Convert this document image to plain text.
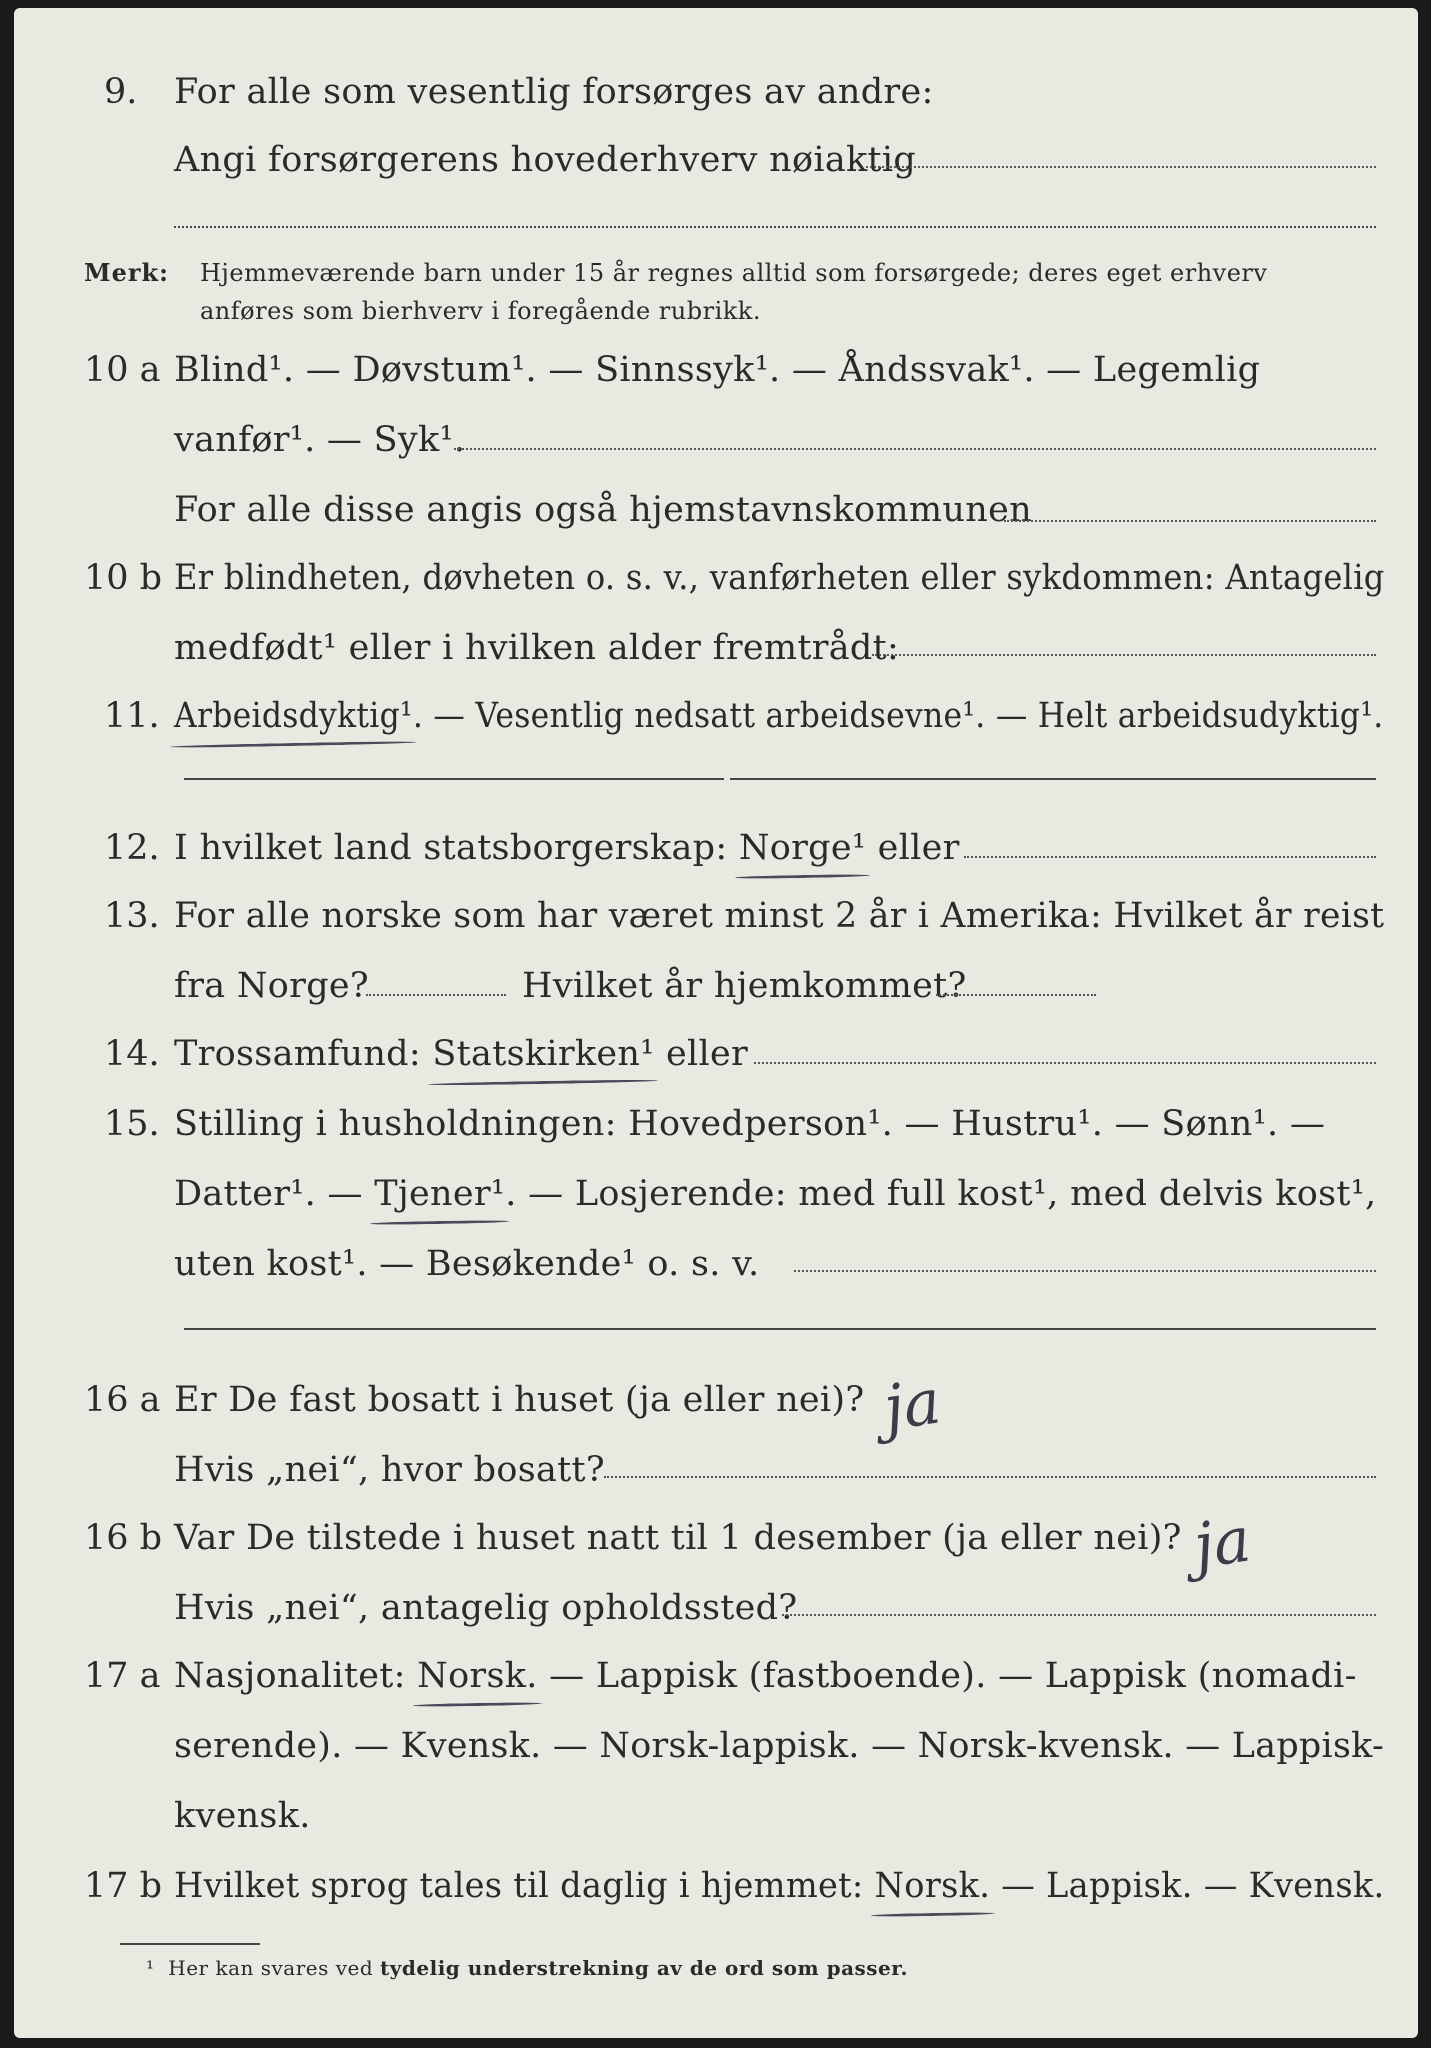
9. For alle som vesentlig forsørges av andre:
Angi forsørgerens hovederhverv nøiaktig
Merk: Hjemmeværende barn under 15 år regnes alltid som forsørgede; deres eget erhverv
anføres som bierhverv i foregående rubrikk.
10 a Blind¹. — Døvstum¹. — Sinnssyk¹. — Åndssvak¹. — Legemlig
vanfør¹. — Syk¹.
For alle disse angis også hjemstavnskommunen
10 b Er blindheten, døvheten o. s. v., vanførheten eller sykdommen: Antagelig
medfødt¹ eller i hvilken alder fremtrådt:
11. Arbeidsdyktig¹. — Vesentlig nedsatt arbeidsevne¹. — Helt arbeidsudyktig¹.
12. I hvilket land statsborgerskap: Norge¹ eller
13. For alle norske som har været minst 2 år i Amerika: Hvilket år reist
fra Norge?	Hvilket år hjemkommet?
14. Trossamfund: Statskirken¹ eller
15. Stilling i husholdningen: Hovedperson¹. — Hustru¹. — Sønn¹. —
Datter¹. — Tjener¹. — Losjerende: med full kost¹, med delvis kost¹,
uten kost¹. — Besøkende¹ o. s. v.
16 a Er De fast bosatt i huset (ja eller nei)? ja
Hvis „nei“, hvor bosatt?
16 b Var De tilstede i huset natt til 1 desember (ja eller nei)? ja
Hvis „nei“, antagelig opholdssted?
17 a Nasjonalitet: Norsk. — Lappisk (fastboende). — Lappisk (nomadi-
serende). — Kvensk. — Norsk-lappisk. — Norsk-kvensk. — Lappisk-
kvensk.
17 b Hvilket sprog tales til daglig i hjemmet: Norsk. — Lappisk. — Kvensk.
¹ Her kan svares ved tydelig understrekning av de ord som passer.
